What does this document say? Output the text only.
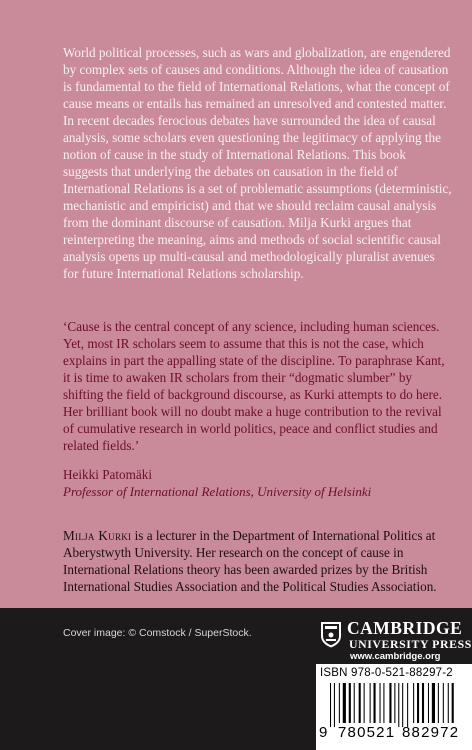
World political processes, such as wars and globalization, are engendered by complex sets of causes and conditions. Although the idea of causation is fundamental to the field of International Relations, what the concept of cause means or entails has remained an unresolved and contested matter. In recent decades ferocious debates have surrounded the idea of causal analysis, some scholars even questioning the legitimacy of applying the notion of cause in the study of International Relations. This book suggests that underlying the debates on causation in the field of International Relations is a set of problematic assumptions (deterministic, mechanistic and empiricist) and that we should reclaim causal analysis from the dominant discourse of causation. Milja Kurki argues that reinterpreting the meaning, aims and methods of social scientific causal analysis opens up multi-causal and methodologically pluralist avenues for future International Relations scholarship.

‘Cause is the central concept of any science, including human sciences. Yet, most IR scholars seem to assume that this is not the case, which explains in part the appalling state of the discipline. To paraphrase Kant, it is time to awaken IR scholars from their “dogmatic slumber” by shifting the field of background discourse, as Kurki attempts to do here. Her brilliant book will no doubt make a huge contribution to the revival of cumulative research in world politics, peace and conflict studies and related fields.’

Heikki Patomäki
Professor of International Relations, University of Helsinki

Milja Kurki is a lecturer in the Department of International Politics at Aberystwyth University. Her research on the concept of cause in International Relations theory has been awarded prizes by the British International Studies Association and the Political Studies Association.

Cover image: © Comstock / SuperStock.	CAMBRIDGE
UNIVERSITY PRESS
www.cambridge.org
ISBN 978-0-521-88297-2
9 780521 882972
